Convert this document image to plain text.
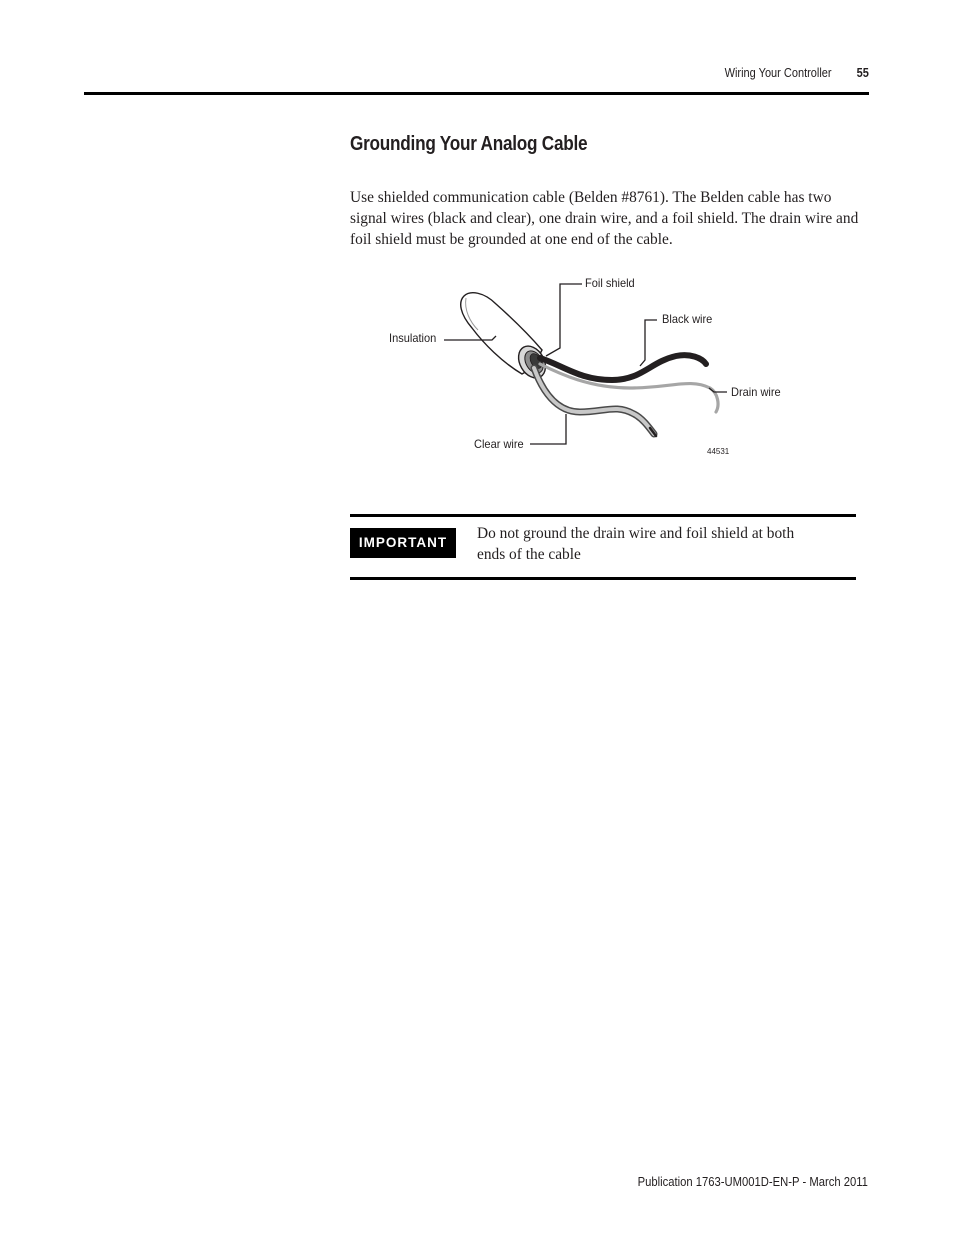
Wiring Your Controller 55
Grounding Your Analog Cable

Use shielded communication cable (Belden #8761). The Belden cable has two signal wires (black and clear), one drain wire, and a foil shield. The drain wire and foil shield must be grounded at one end of the cable.

Foil shield
Black wire
Insulation
Drain wire
Clear wire
44531
IMPORTANT

Do not ground the drain wire and foil shield at both ends of the cable

Publication 1763-UM001D-EN-P - March 2011
